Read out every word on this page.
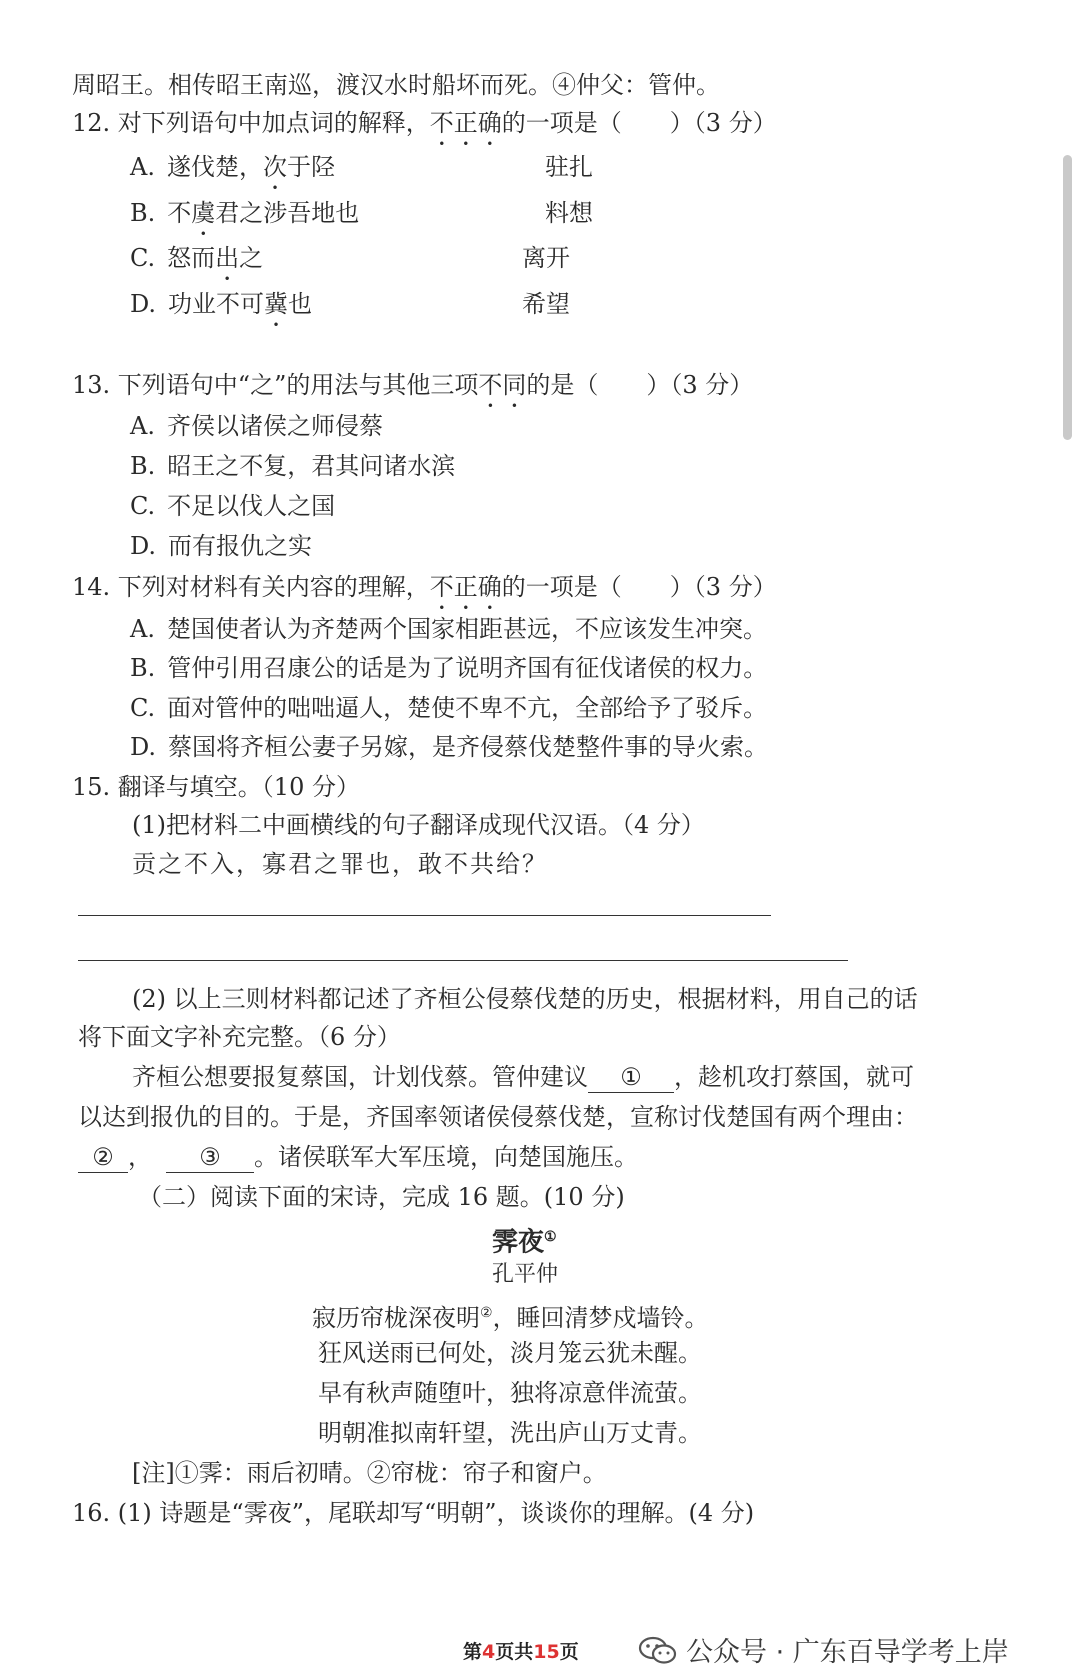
周昭王。相传昭王南巡，渡汉水时船坏而死。④仲父：管仲。
12. 对下列语句中加点词的解释，不正确的一项是（　　）（3 分）
A. 遂伐楚，次于陉	驻扎
B. 不虞君之涉吾地也	料想
C. 怒而出之	离开
D. 功业不可冀也	希望
13. 下列语句中“之”的用法与其他三项不同的是（　　）（3 分）
A. 齐侯以诸侯之师侵蔡
B. 昭王之不复，君其问诸水滨
C. 不足以伐人之国
D. 而有报仇之实
14. 下列对材料有关内容的理解，不正确的一项是（　　）（3 分）
A. 楚国使者认为齐楚两个国家相距甚远，不应该发生冲突。
B. 管仲引用召康公的话是为了说明齐国有征伐诸侯的权力。
C. 面对管仲的咄咄逼人，楚使不卑不亢，全部给予了驳斥。
D. 蔡国将齐桓公妻子另嫁，是齐侵蔡伐楚整件事的导火索。
15. 翻译与填空。（10 分）
(1)把材料二中画横线的句子翻译成现代汉语。（4 分）
贡之不入，寡君之罪也，敢不共给？
(2) 以上三则材料都记述了齐桓公侵蔡伐楚的历史，根据材料，用自己的话
将下面文字补充完整。（6 分）
齐桓公想要报复蔡国，计划伐蔡。管仲建议 ① ，趁机攻打蔡国，就可
以达到报仇的目的。于是，齐国率领诸侯侵蔡伐楚，宣称讨伐楚国有两个理由：
② ， ③ 。诸侯联军大军压境，向楚国施压。
（二）阅读下面的宋诗，完成 16 题。(10 分)
霁夜①
孔平仲
寂历帘栊深夜明②，睡回清梦戍墙铃。
狂风送雨已何处，淡月笼云犹未醒。
早有秋声随堕叶，独将凉意伴流萤。
明朝准拟南轩望，洗出庐山万丈青。
[注]①霁：雨后初晴。②帘栊：帘子和窗户。
16. (1) 诗题是“霁夜”，尾联却写“明朝”，谈谈你的理解。(4 分)
第4页共15页	公众号 · 广东百导学考上岸
